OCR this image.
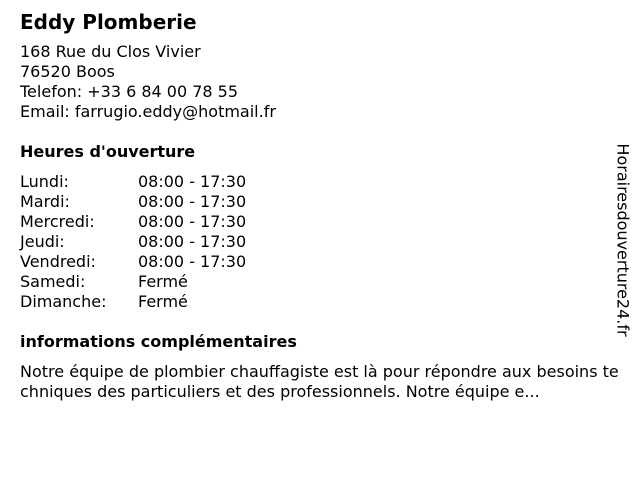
Eddy Plomberie
168 Rue du Clos Vivier
76520 Boos
Telefon: +33 6 84 00 78 55
Email: farrugio.eddy@hotmail.fr
Heures d'ouverture
Lundi:	08:00 - 17:30
Mardi:	08:00 - 17:30
Mercredi:	08:00 - 17:30
Jeudi:	08:00 - 17:30
Vendredi:	08:00 - 17:30
Samedi:	Fermé
Dimanche:	Fermé
informations complémentaires
Notre équipe de plombier chauffagiste est là pour répondre aux besoins techniques des particuliers et des professionnels. Notre équipe e...
Horairesdouverture24.fr
